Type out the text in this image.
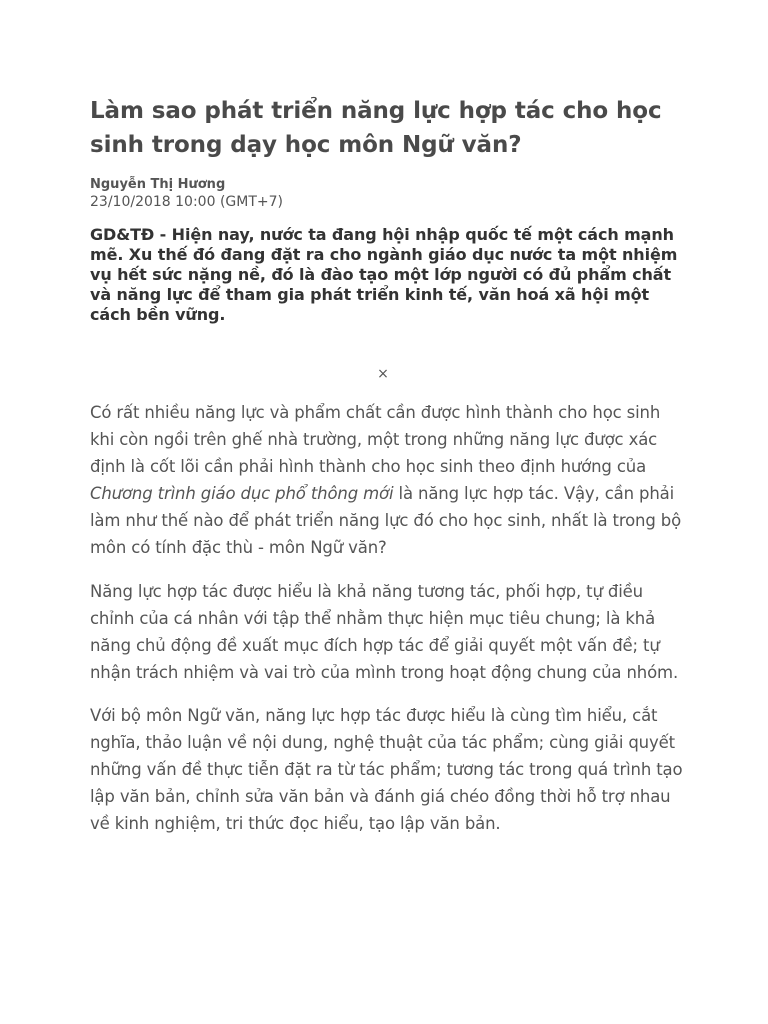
Làm sao phát triển năng lực hợp tác cho học sinh trong dạy học môn Ngữ văn?
Nguyễn Thị Hương
23/10/2018 10:00 (GMT+7)
GD&TĐ - Hiện nay, nước ta đang hội nhập quốc tế một cách mạnh mẽ. Xu thế đó đang đặt ra cho ngành giáo dục nước ta một nhiệm vụ hết sức nặng nề, đó là đào tạo một lớp người có đủ phẩm chất và năng lực để tham gia phát triển kinh tế, văn hoá xã hội một cách bền vững.
×

Có rất nhiều năng lực và phẩm chất cần được hình thành cho học sinh khi còn ngồi trên ghế nhà trường, một trong những năng lực được xác định là cốt lõi cần phải hình thành cho học sinh theo định hướng của Chương trình giáo dục phổ thông mới là năng lực hợp tác. Vậy, cần phải làm như thế nào để phát triển năng lực đó cho học sinh, nhất là trong bộ môn có tính đặc thù - môn Ngữ văn?

Năng lực hợp tác được hiểu là khả năng tương tác, phối hợp, tự điều chỉnh của cá nhân với tập thể nhằm thực hiện mục tiêu chung; là khả năng chủ động đề xuất mục đích hợp tác để giải quyết một vấn đề; tự nhận trách nhiệm và vai trò của mình trong hoạt động chung của nhóm.

Với bộ môn Ngữ văn, năng lực hợp tác được hiểu là cùng tìm hiểu, cắt nghĩa, thảo luận về nội dung, nghệ thuật của tác phẩm; cùng giải quyết những vấn đề thực tiễn đặt ra từ tác phẩm; tương tác trong quá trình tạo lập văn bản, chỉnh sửa văn bản và đánh giá chéo đồng thời hỗ trợ nhau về kinh nghiệm, tri thức đọc hiểu, tạo lập văn bản.
